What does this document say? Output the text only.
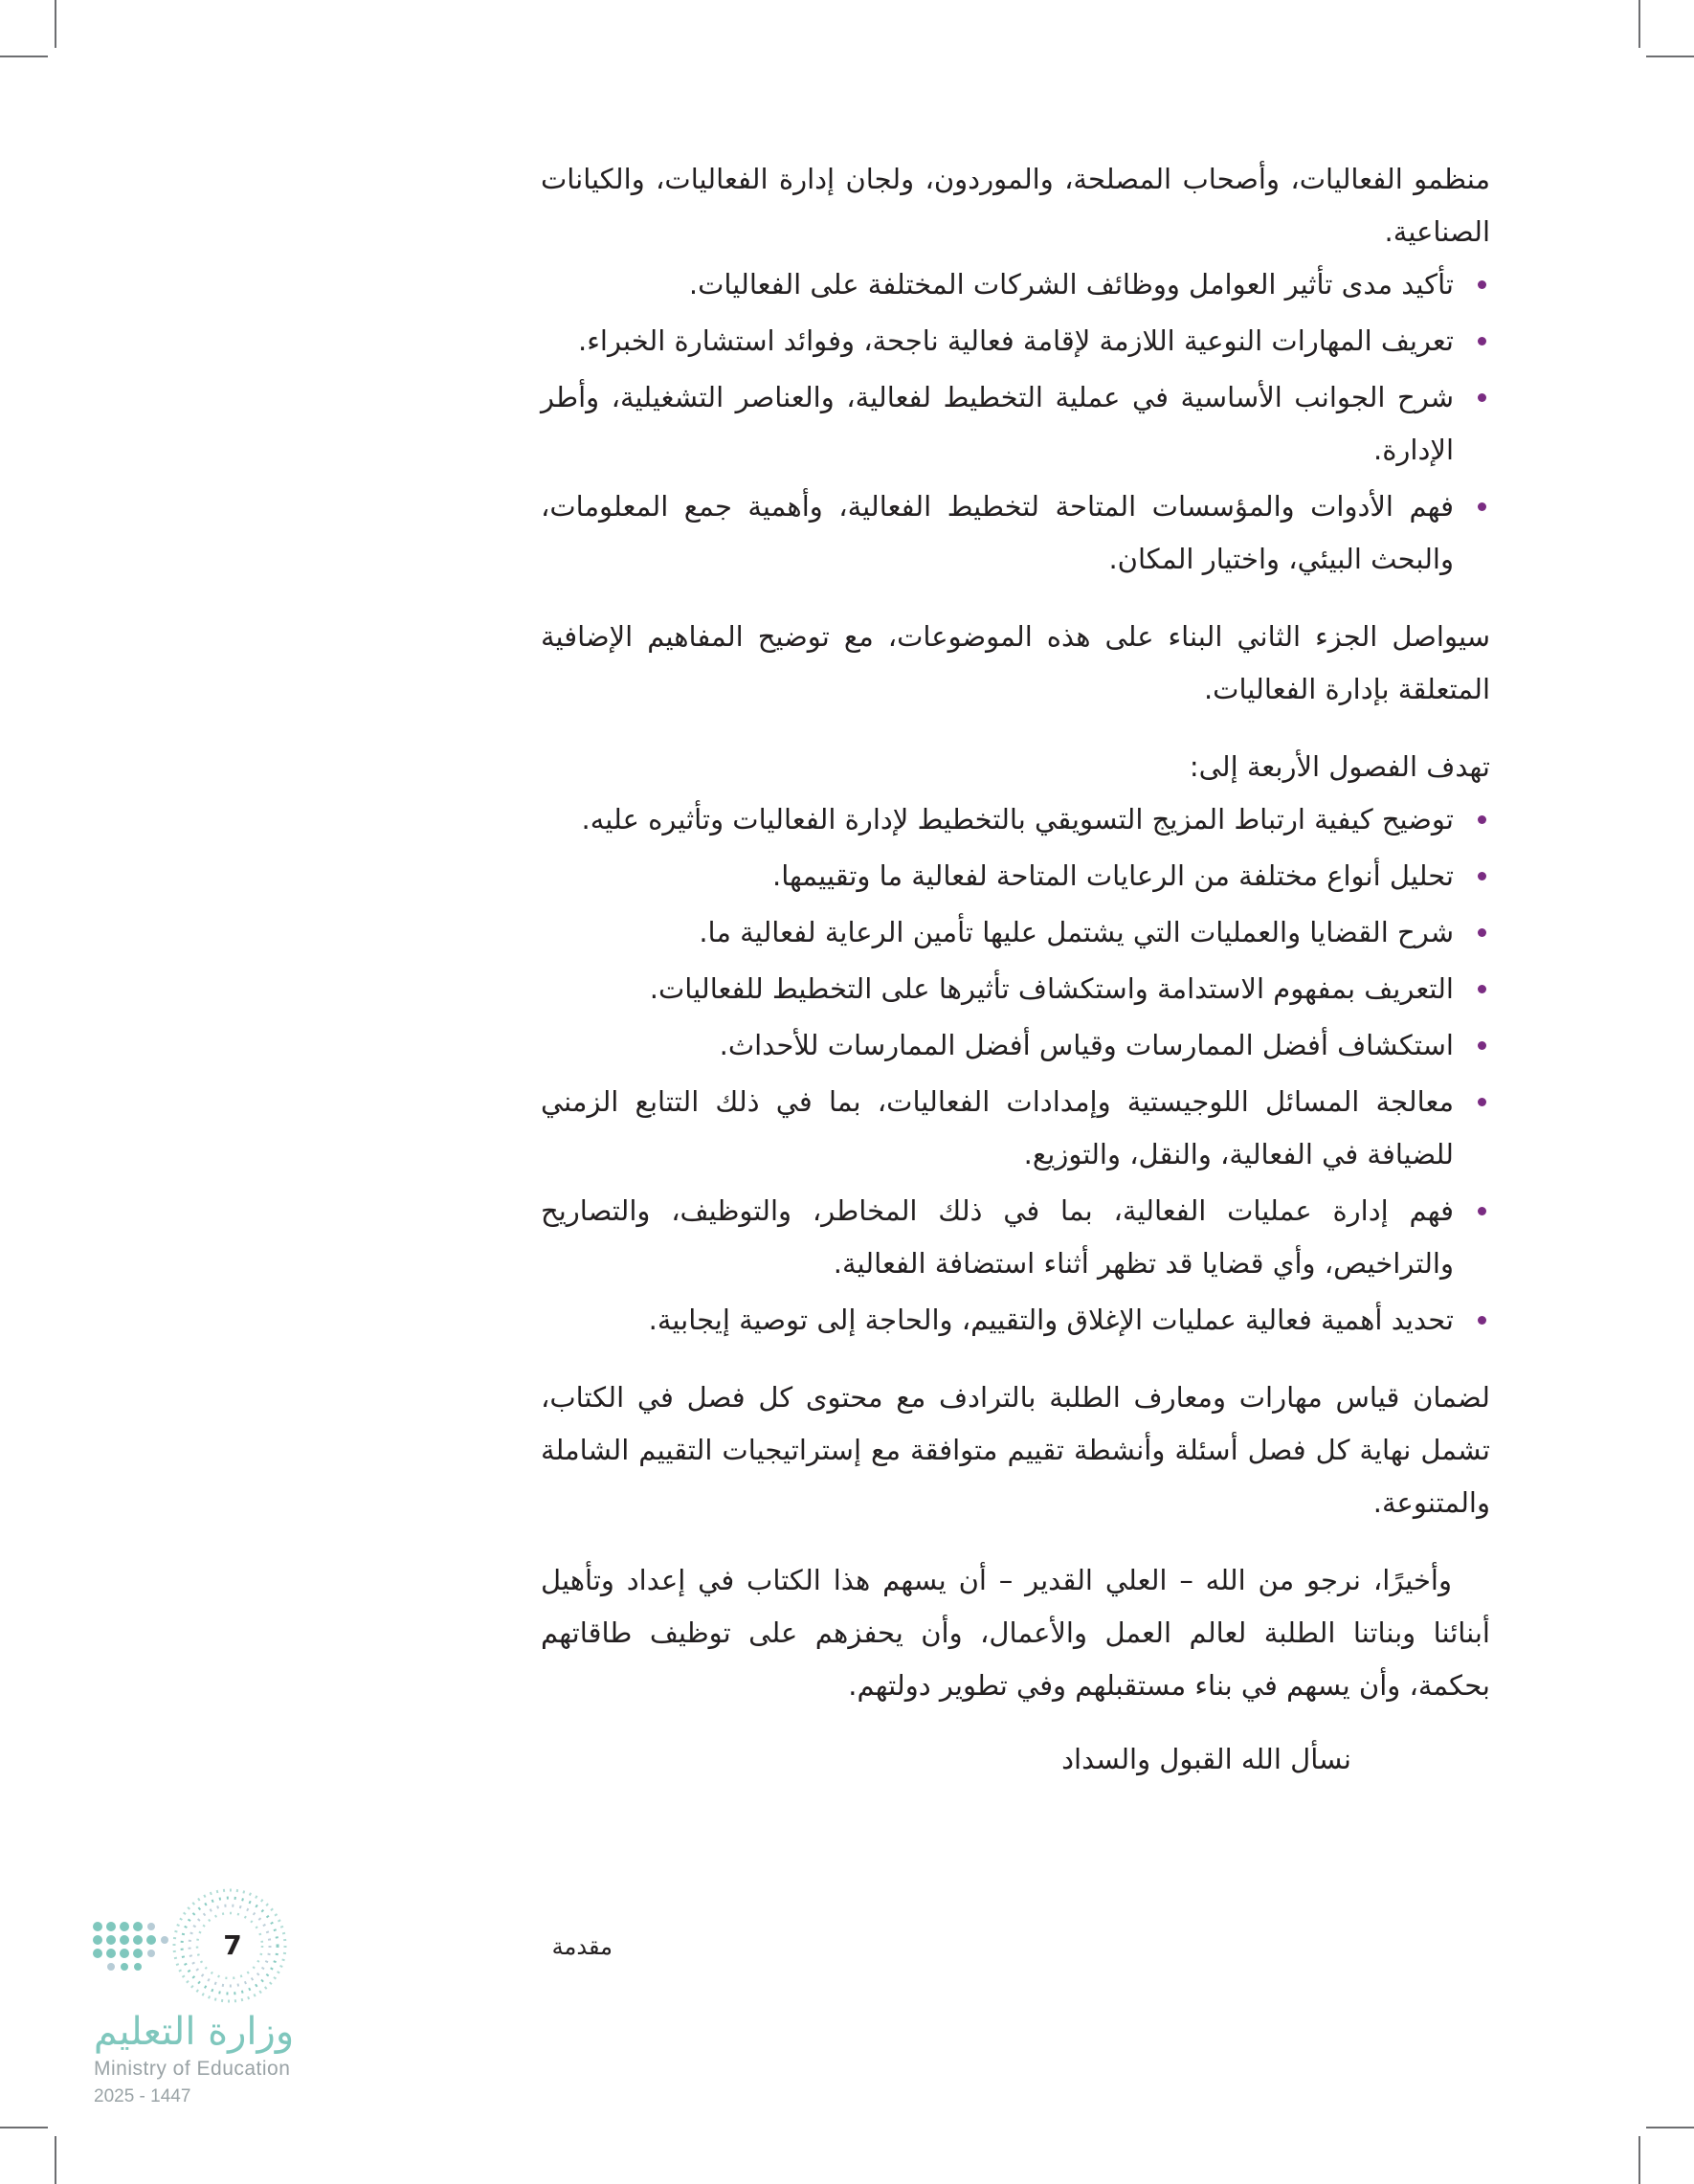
منظمو الفعاليات، وأصحاب المصلحة، والموردون، ولجان إدارة الفعاليات، والكيانات الصناعية.

تأكيد مدى تأثير العوامل ووظائف الشركات المختلفة على الفعاليات.
تعريف المهارات النوعية اللازمة لإقامة فعالية ناجحة، وفوائد استشارة الخبراء.
شرح الجوانب الأساسية في عملية التخطيط لفعالية، والعناصر التشغيلية، وأطر الإدارة.
فهم الأدوات والمؤسسات المتاحة لتخطيط الفعالية، وأهمية جمع المعلومات، والبحث البيئي، واختيار المكان.

سيواصل الجزء الثاني البناء على هذه الموضوعات، مع توضيح المفاهيم الإضافية المتعلقة بإدارة الفعاليات.

تهدف الفصول الأربعة إلى:

توضيح كيفية ارتباط المزيج التسويقي بالتخطيط لإدارة الفعاليات وتأثيره عليه.
تحليل أنواع مختلفة من الرعايات المتاحة لفعالية ما وتقييمها.
شرح القضايا والعمليات التي يشتمل عليها تأمين الرعاية لفعالية ما.
التعريف بمفهوم الاستدامة واستكشاف تأثيرها على التخطيط للفعاليات.
استكشاف أفضل الممارسات وقياس أفضل الممارسات للأحداث.
معالجة المسائل اللوجيستية وإمدادات الفعاليات، بما في ذلك التتابع الزمني للضيافة في الفعالية، والنقل، والتوزيع.
فهم إدارة عمليات الفعالية، بما في ذلك المخاطر، والتوظيف، والتصاريح والتراخيص، وأي قضايا قد تظهر أثناء استضافة الفعالية.
تحديد أهمية فعالية عمليات الإغلاق والتقييم، والحاجة إلى توصية إيجابية.

لضمان قياس مهارات ومعارف الطلبة بالترادف مع محتوى كل فصل في الكتاب، تشمل نهاية كل فصل أسئلة وأنشطة تقييم متوافقة مع إستراتيجيات التقييم الشاملة والمتنوعة.

وأخيرًا، نرجو من الله – العلي القدير – أن يسهم هذا الكتاب في إعداد وتأهيل أبنائنا وبناتنا الطلبة لعالم العمل والأعمال، وأن يحفزهم على توظيف طاقاتهم بحكمة، وأن يسهم في بناء مستقبلهم وفي تطوير دولتهم.

نسأل الله القبول والسداد

مقدمة
7
وزارة التعليم
Ministry of Education
2025 - 1447
